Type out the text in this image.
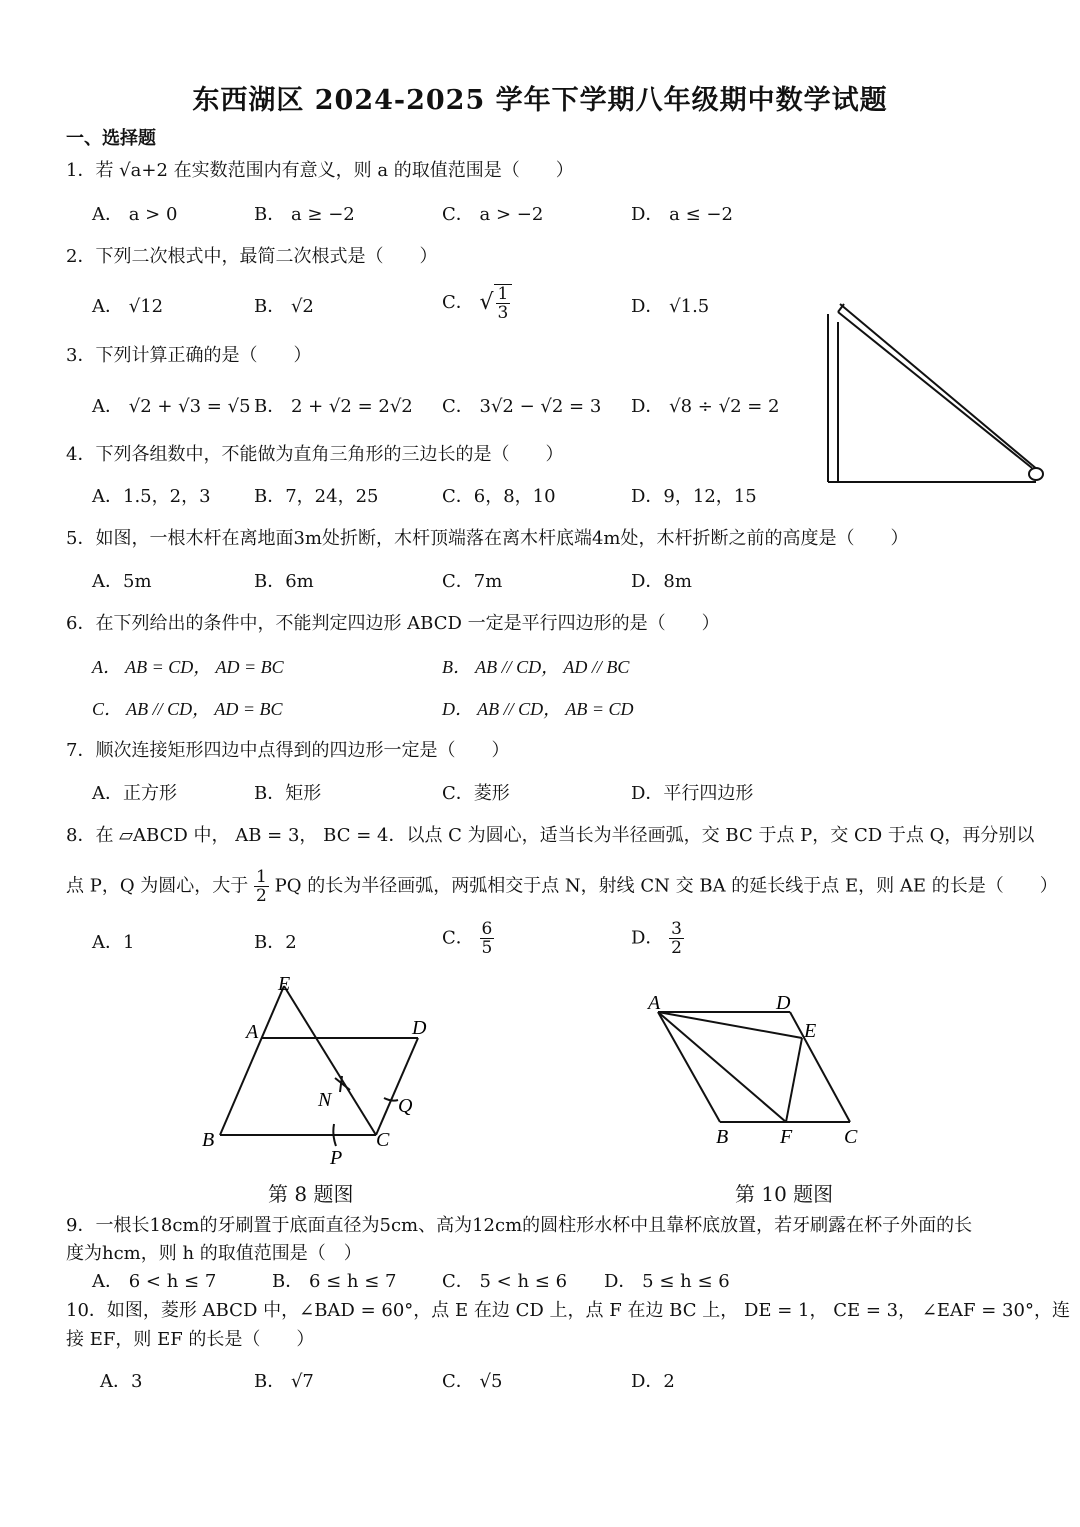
东西湖区 2024-2025 学年下学期八年级期中数学试题
一、选择题
1．若 √a+2 在实数范围内有意义，则 a 的取值范围是（　　）
A． a > 0	B． a ≥ −2	C． a > −2	D． a ≤ −2
2．下列二次根式中，最简二次根式是（　　）
A． √12	B． √2	C． √ $\frac{1}{3}$	D． √1.5
3．下列计算正确的是（　　）
A． √2 + √3 = √5 B． 2 + √2 = 2√2 C． 3√2 − √2 = 3 D． √8 ÷ √2 = 2
4．下列各组数中，不能做为直角三角形的三边长的是（　　）
A．1.5，2，3 B．7，24，25	C．6，8，10	D．9，12，15
5．如图，一根木杆在离地面3m处折断，木杆顶端落在离木杆底端4m处，木杆折断之前的高度是（　　）
A．5m	B．6m	C．7m	D．8m
6．在下列给出的条件中，不能判定四边形 ABCD 一定是平行四边形的是（　　）
A． AB = CD， AD = BC	B． AB // CD， AD // BC
C． AB // CD， AD = BC	D． AB // CD， AB = CD
7．顺次连接矩形四边中点得到的四边形一定是（　　）
A．正方形	B．矩形	C．菱形	D．平行四边形
8．在 ▱ABCD 中， AB = 3， BC = 4．以点 C 为圆心，适当长为半径画弧，交 BC 于点 P，交 CD 于点 Q，再分别以
点 P，Q 为圆心，大于 $\frac{1}{2}$ PQ 的长为半径画弧，两弧相交于点 N，射线 CN 交 BA 的延长线于点 E，则 AE 的长是（　　）
A．1	B．2	C． $\frac{6}{5}$	D． $\frac{3}{2}$
E
A	D
N	Q
B	C
P
第 8 题图
A	D
E
B	F	C
第 10 题图
9．一根长18cm的牙刷置于底面直径为5cm、高为12cm的圆柱形水杯中且靠杯底放置，若牙刷露在杯子外面的长
度为hcm，则 h 的取值范围是（　）
A． 6 < h ≤ 7	B． 6 ≤ h ≤ 7	C． 5 < h ≤ 6 D． 5 ≤ h ≤ 6
10．如图，菱形 ABCD 中，∠BAD = 60°，点 E 在边 CD 上，点 F 在边 BC 上， DE = 1， CE = 3， ∠EAF = 30°，连
接 EF，则 EF 的长是（　　）
A．3	B． √7	C． √5	D．2
